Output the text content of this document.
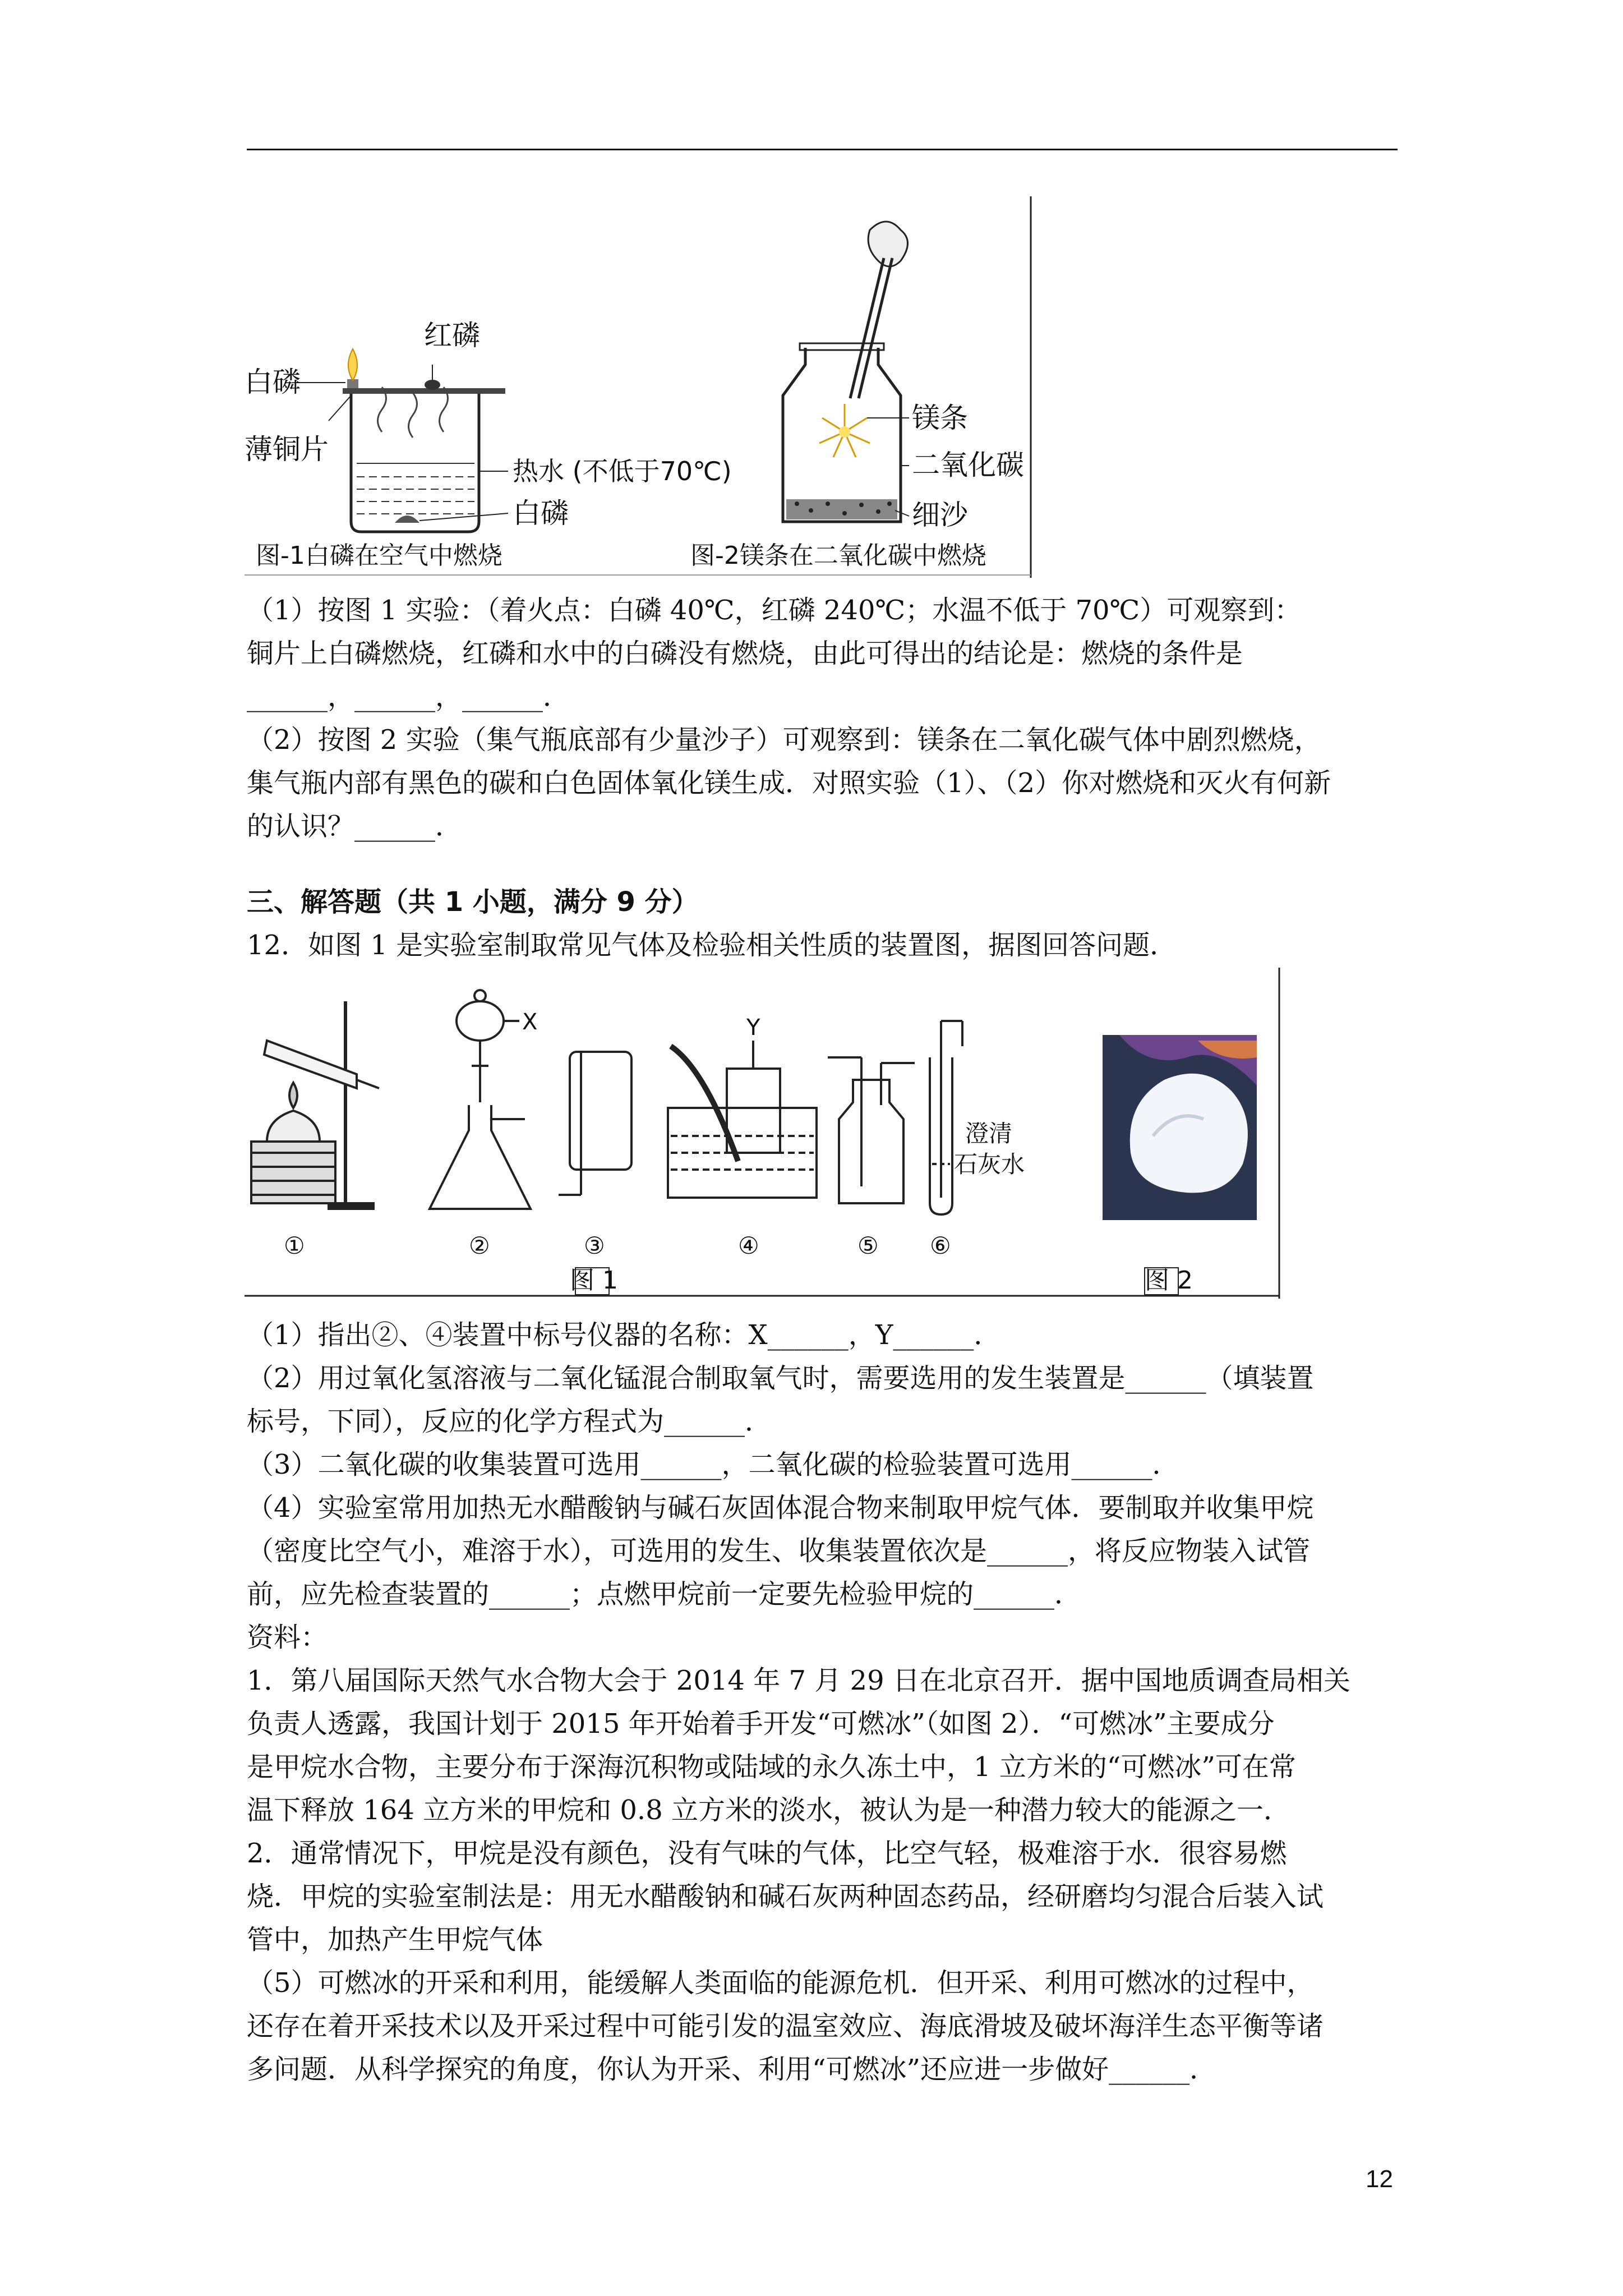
红磷
白磷
薄铜片
热水 (不低于70℃)
白磷
图-1白磷在空气中燃烧
镁条
二氧化碳
细沙
图-2镁条在二氧化碳中燃烧

（1）按图 1 实验：（着火点：白磷 40℃，红磷 240℃；水温不低于 70℃）可观察到：

铜片上白磷燃烧，红磷和水中的白磷没有燃烧，由此可得出的结论是：燃烧的条件是

______，______，______．

（2）按图 2 实验（集气瓶底部有少量沙子）可观察到：镁条在二氧化碳气体中剧烈燃烧，

集气瓶内部有黑色的碳和白色固体氧化镁生成．对照实验（1）、（2）你对燃烧和灭火有何新

的认识？______．

三、解答题（共 1 小题，满分 9 分）

12．如图 1 是实验室制取常见气体及检验相关性质的装置图，据图回答问题．

①
X
②	③
Y
④	⑤
澄清
石灰水
⑥
图 1	图 2

（1）指出②、④装置中标号仪器的名称：X______，Y______．

（2）用过氧化氢溶液与二氧化锰混合制取氧气时，需要选用的发生装置是______（填装置

标号，下同），反应的化学方程式为______．

（3）二氧化碳的收集装置可选用______，二氧化碳的检验装置可选用______．

（4）实验室常用加热无水醋酸钠与碱石灰固体混合物来制取甲烷气体．要制取并收集甲烷

（密度比空气小，难溶于水），可选用的发生、收集装置依次是______，将反应物装入试管

前，应先检查装置的______；点燃甲烷前一定要先检验甲烷的______．

资料：

1．第八届国际天然气水合物大会于 2014 年 7 月 29 日在北京召开．据中国地质调查局相关

负责人透露，我国计划于 2015 年开始着手开发“可燃冰”（如图 2）．“可燃冰”主要成分

是甲烷水合物，主要分布于深海沉积物或陆域的永久冻土中，1 立方米的“可燃冰”可在常

温下释放 164 立方米的甲烷和 0.8 立方米的淡水，被认为是一种潜力较大的能源之一．

2．通常情况下，甲烷是没有颜色，没有气味的气体，比空气轻，极难溶于水．很容易燃

烧．甲烷的实验室制法是：用无水醋酸钠和碱石灰两种固态药品，经研磨均匀混合后装入试

管中，加热产生甲烷气体

（5）可燃冰的开采和利用，能缓解人类面临的能源危机．但开采、利用可燃冰的过程中，

还存在着开采技术以及开采过程中可能引发的温室效应、海底滑坡及破坏海洋生态平衡等诸

多问题．从科学探究的角度，你认为开采、利用“可燃冰”还应进一步做好______．

12
